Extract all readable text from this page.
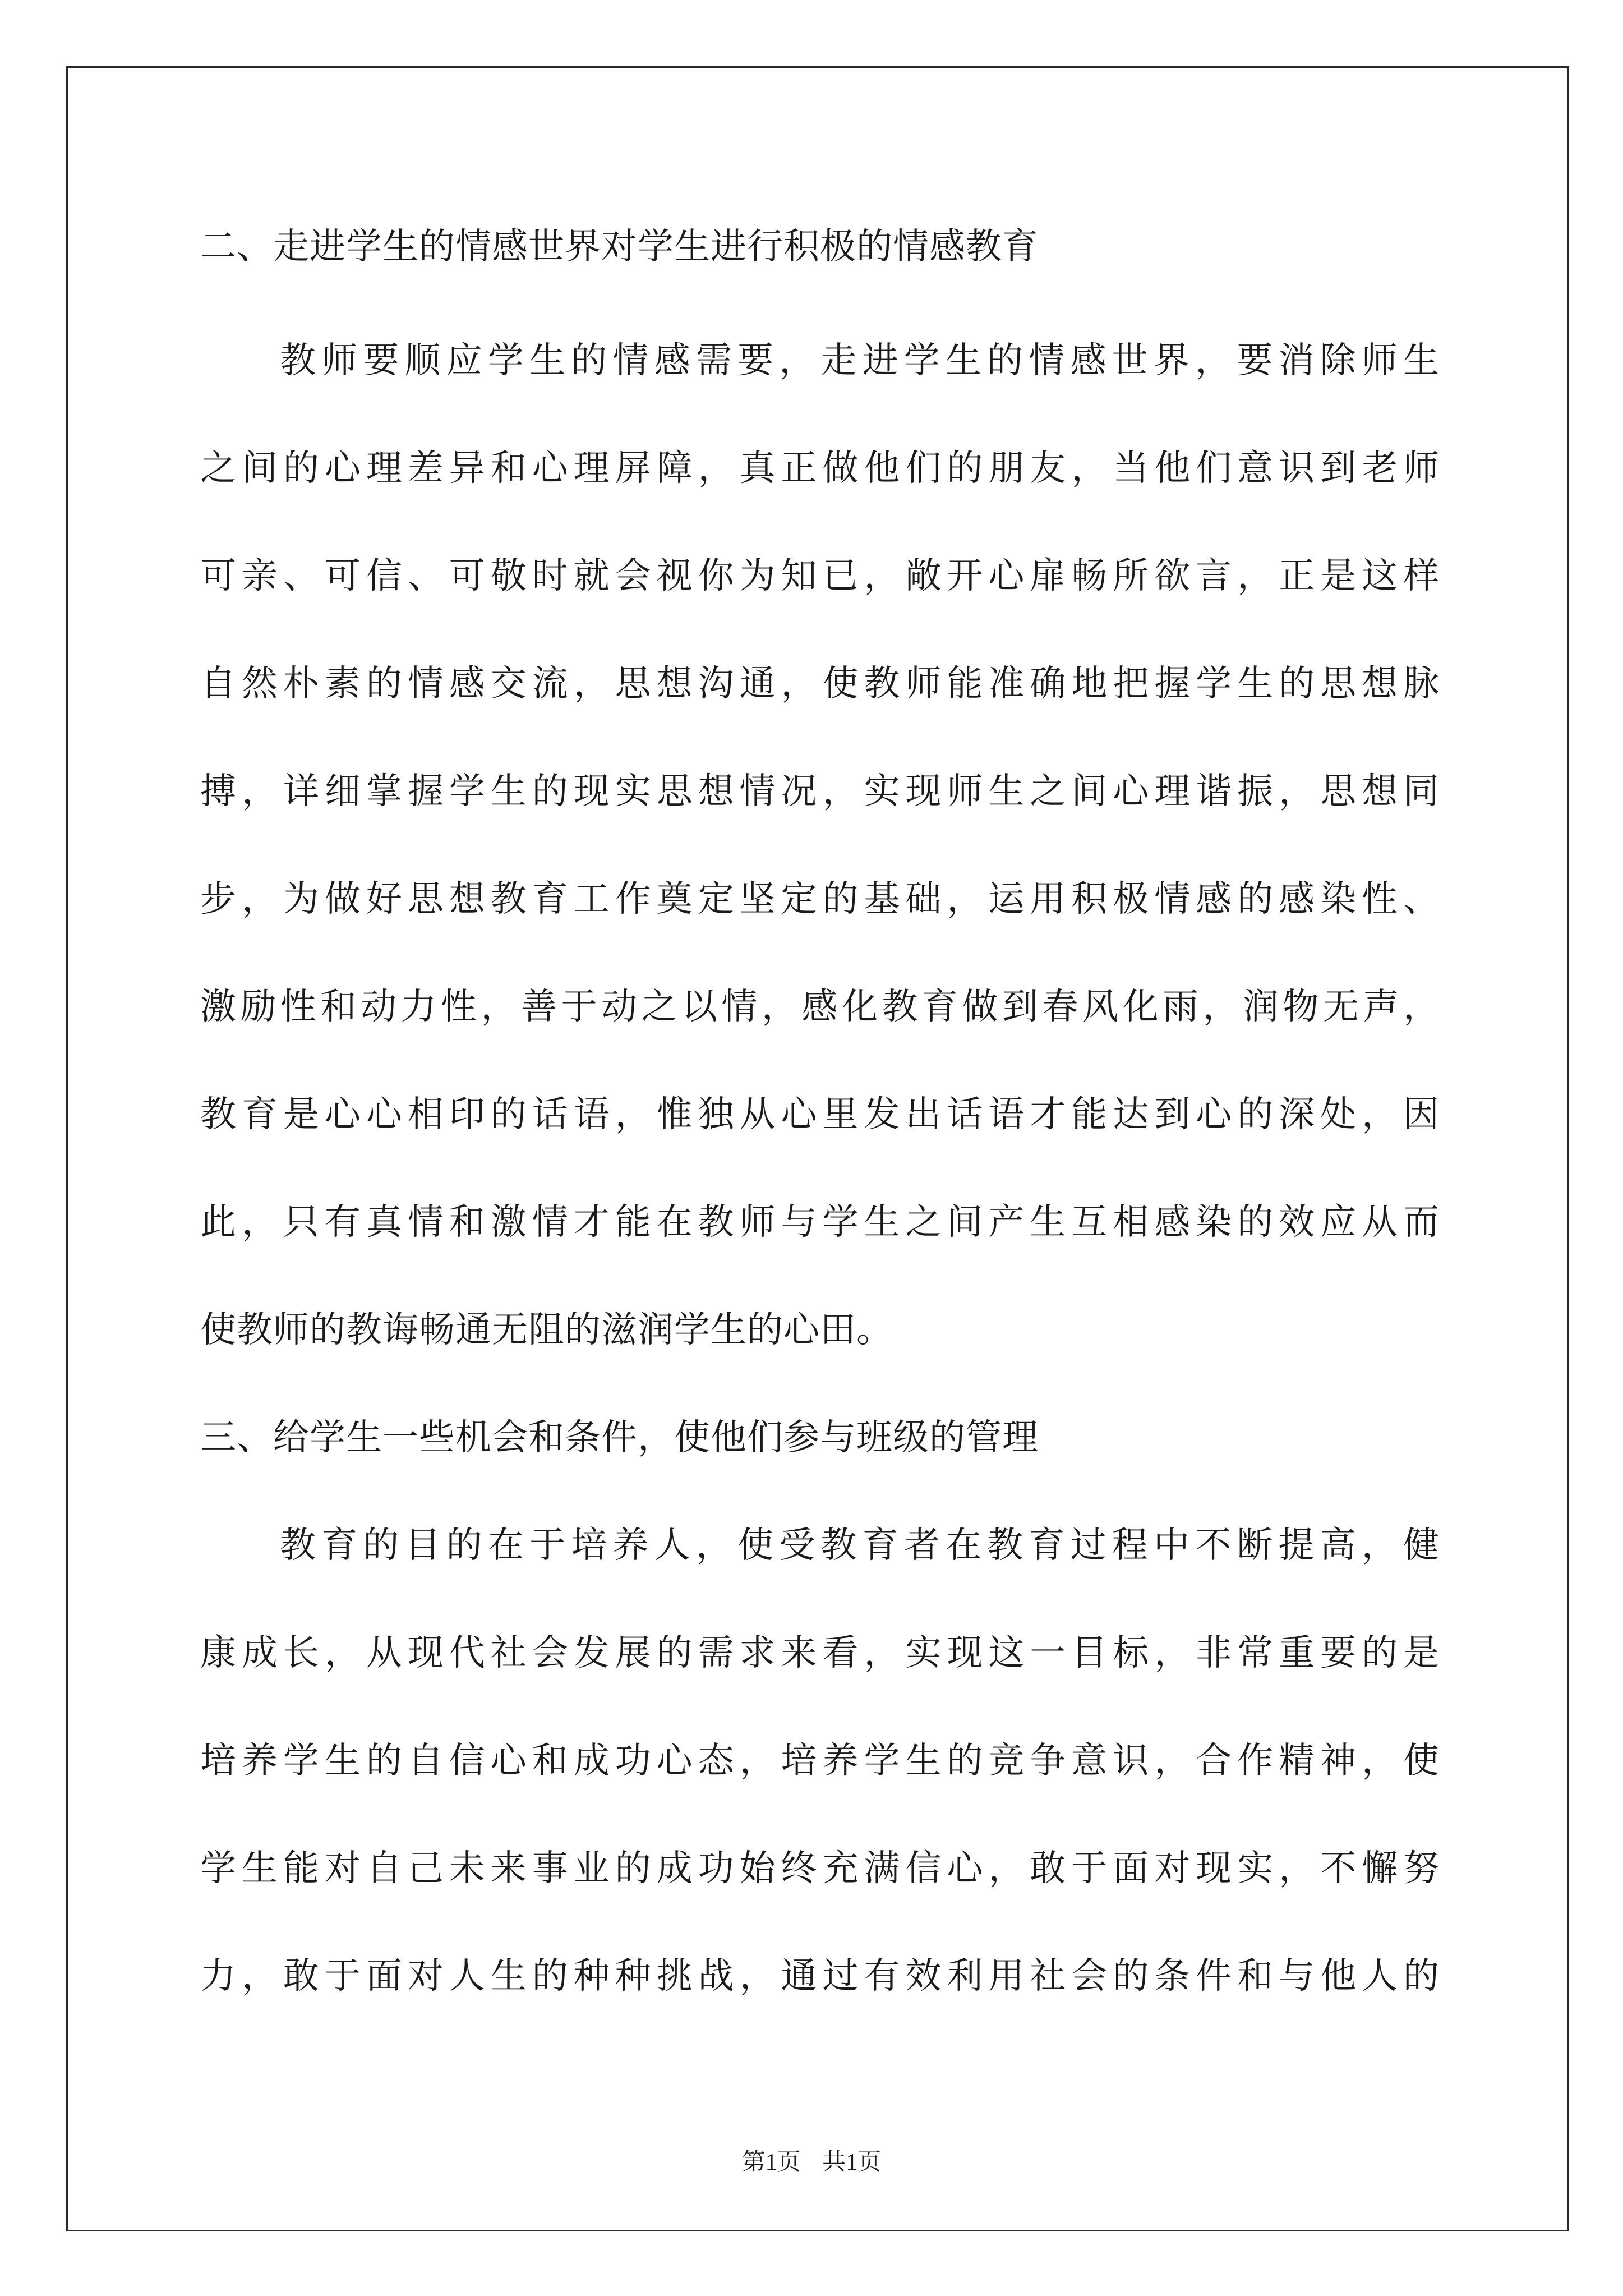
二、走进学生的情感世界对学生进行积极的情感教育
教师要顺应学生的情感需要，走进学生的情感世界，要消除师生
之间的心理差异和心理屏障，真正做他们的朋友，当他们意识到老师
可亲、可信、可敬时就会视你为知已，敞开心扉畅所欲言，正是这样
自然朴素的情感交流，思想沟通，使教师能准确地把握学生的思想脉
搏，详细掌握学生的现实思想情况，实现师生之间心理谐振，思想同
步，为做好思想教育工作奠定坚定的基础，运用积极情感的感染性、
激励性和动力性，善于动之以情，感化教育做到春风化雨，润物无声，
教育是心心相印的话语，惟独从心里发出话语才能达到心的深处，因
此，只有真情和激情才能在教师与学生之间产生互相感染的效应从而
使教师的教诲畅通无阻的滋润学生的心田。
三、给学生一些机会和条件，使他们参与班级的管理
教育的目的在于培养人，使受教育者在教育过程中不断提高，健
康成长，从现代社会发展的需求来看，实现这一目标，非常重要的是
培养学生的自信心和成功心态，培养学生的竞争意识，合作精神，使
学生能对自己未来事业的成功始终充满信心，敢于面对现实，不懈努
力，敢于面对人生的种种挑战，通过有效利用社会的条件和与他人的
第1页 共1页
